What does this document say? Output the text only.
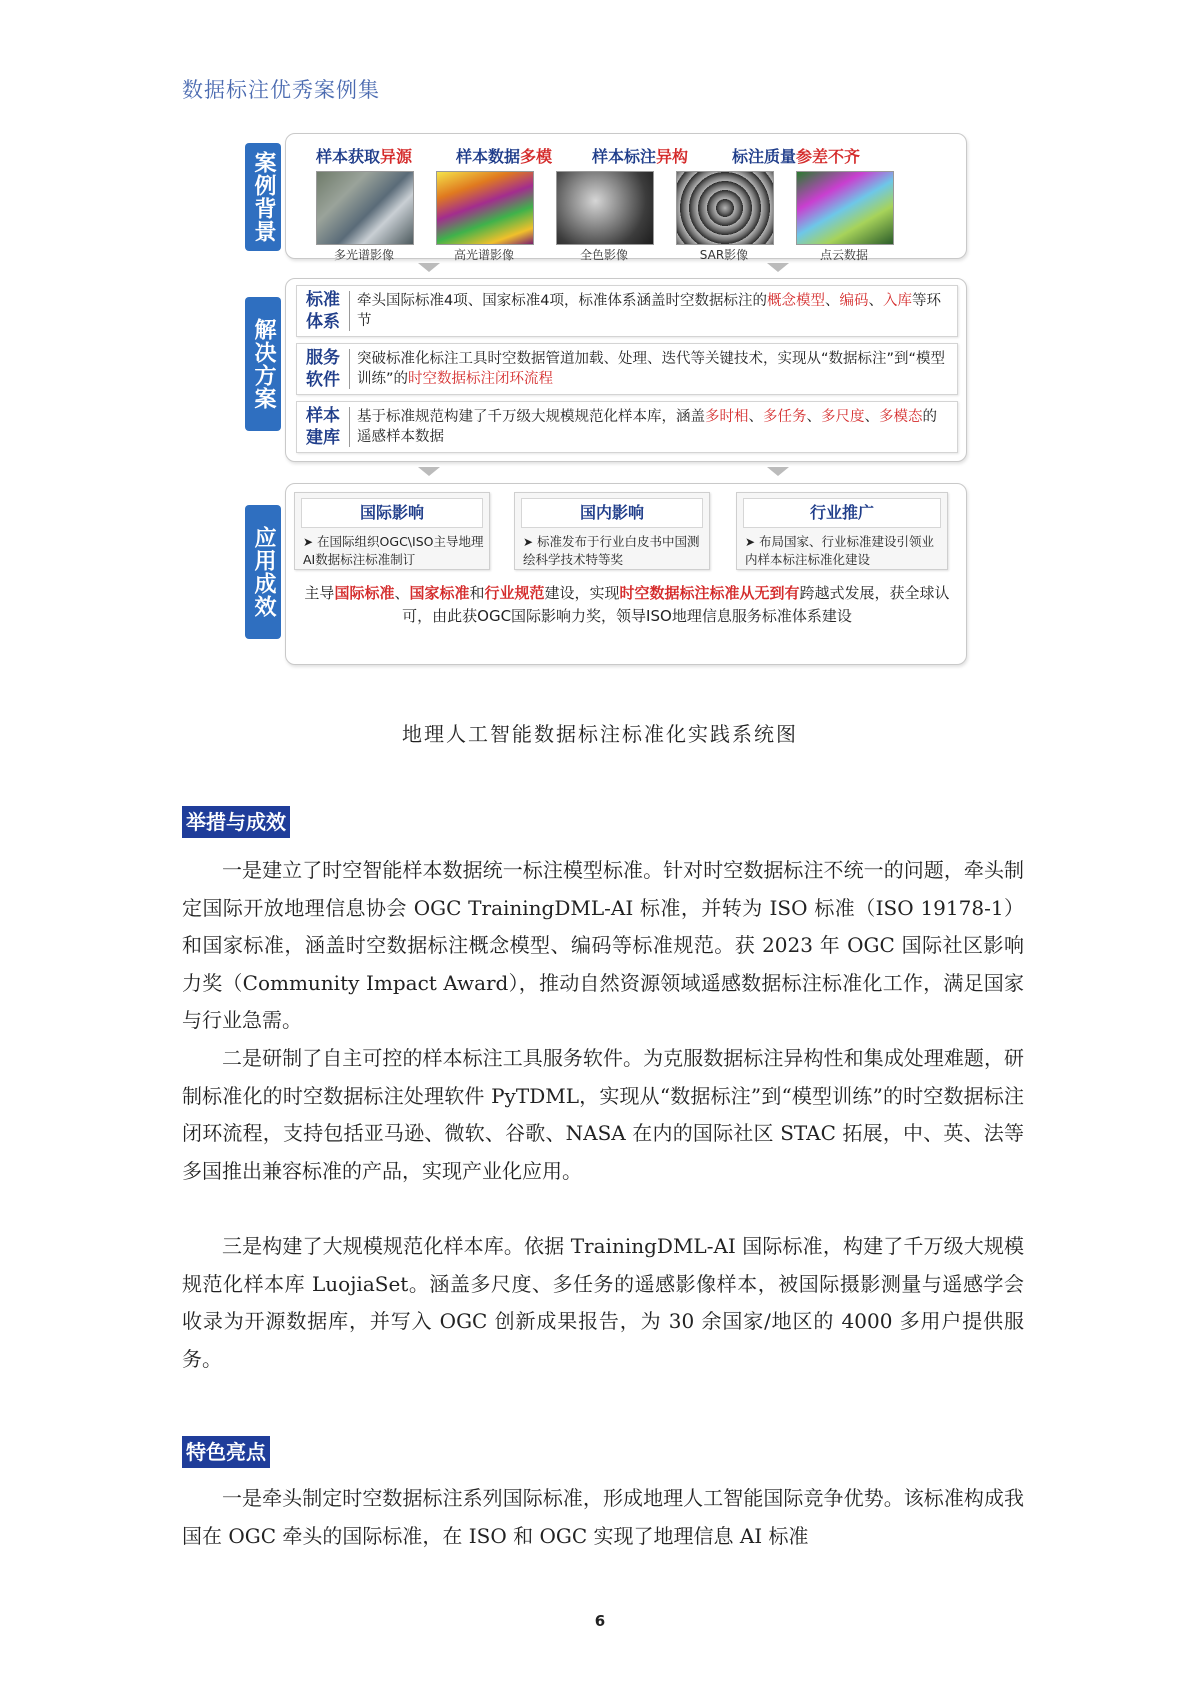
数据标注优秀案例集
案例背景	样本获取异源	样本数据多模 样本标注异构	标注质量参差不齐
多光谱影像	高光谱影像	全色影像	SAR影像	点云数据
解决方案
标准体系
牵头国际标准4项、国家标准4项，标准体系涵盖时空数据标注的概念模型、编码、入库等环节
服务软件
突破标准化标注工具时空数据管道加载、处理、迭代等关键技术，实现从“数据标注”到“模型训练”的时空数据标注闭环流程
样本建库
基于标准规范构建了千万级大规模规范化样本库，涵盖多时相、多任务、多尺度、多模态的遥感样本数据
应用成效
国际影响
➤ 在国际组织OGC\ISO主导地理AI数据标注标准制订
国内影响
➤ 标准发布于行业白皮书中国测绘科学技术特等奖
行业推广
➤ 布局国家、行业标准建设引领业内样本标注标准化建设
主导国际标准、国家标准和行业规范建设，实现时空数据标注标准从无到有跨越式发展，获全球认可，由此获OGC国际影响力奖，领导ISO地理信息服务标准体系建设
地理人工智能数据标注标准化实践系统图
举措与成效

一是建立了时空智能样本数据统一标注模型标准。针对时空数据标注不统一的问题，牵头制定国际开放地理信息协会 OGC TrainingDML-AI 标准，并转为 ISO 标准（ISO 19178-1）和国家标准，涵盖时空数据标注概念模型、编码等标准规范。获 2023 年 OGC 国际社区影响力奖（Community Impact Award），推动自然资源领域遥感数据标注标准化工作，满足国家与行业急需。

二是研制了自主可控的样本标注工具服务软件。为克服数据标注异构性和集成处理难题，研制标准化的时空数据标注处理软件 PyTDML，实现从“数据标注”到“模型训练”的时空数据标注闭环流程，支持包括亚马逊、微软、谷歌、NASA 在内的国际社区 STAC 拓展，中、英、法等多国推出兼容标准的产品，实现产业化应用。

三是构建了大规模规范化样本库。依据 TrainingDML-AI 国际标准，构建了千万级大规模规范化样本库 LuojiaSet。涵盖多尺度、多任务的遥感影像样本，被国际摄影测量与遥感学会收录为开源数据库，并写入 OGC 创新成果报告，为 30 余国家/地区的 4000 多用户提供服务。

特色亮点

一是牵头制定时空数据标注系列国际标准，形成地理人工智能国际竞争优势。该标准构成我国在 OGC 牵头的国际标准，在 ISO 和 OGC 实现了地理信息 AI 标准

6
